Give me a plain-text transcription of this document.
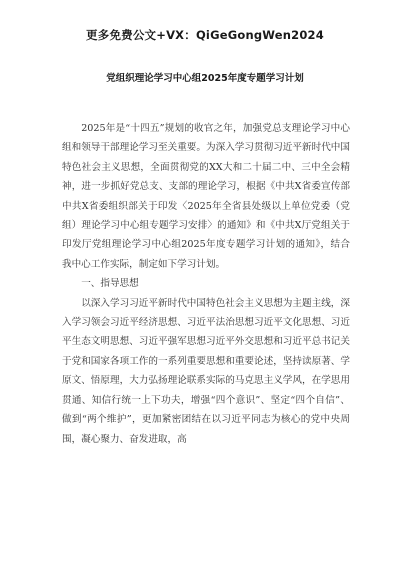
更多免费公文+VX：QiGeGongWen2024
党组织理论学习中心组2025年度专题学习计划

2025年是“十四五”规划的收官之年，加强党总支理论学习中心组和领导干部理论学习至关重要。为深入学习贯彻习近平新时代中国特色社会主义思想，全面贯彻党的XX大和二十届二中、三中全会精神，进一步抓好党总支、支部的理论学习，根据《中共X省委宣传部中共X省委组织部关于印发〈2025年全省县处级以上单位党委（党组）理论学习中心组专题学习安排〉的通知》和《中共X厅党组关于印发厅党组理论学习中心组2025年度专题学习计划的通知》，结合我中心工作实际，制定如下学习计划。

一、指导思想

以深入学习习近平新时代中国特色社会主义思想为主题主线，深入学习领会习近平经济思想、习近平法治思想习近平文化思想、习近平生态文明思想、习近平强军思想习近平外交思想和习近平总书记关于党和国家各项工作的一系列重要思想和重要论述，坚持读原著、学原文、悟原理，大力弘扬理论联系实际的马克思主义学风，在学思用贯通、知信行统一上下功夫，增强“四个意识”、坚定“四个自信”、做到“两个维护”，更加紧密团结在以习近平同志为核心的党中央周围，凝心聚力、奋发进取，高
